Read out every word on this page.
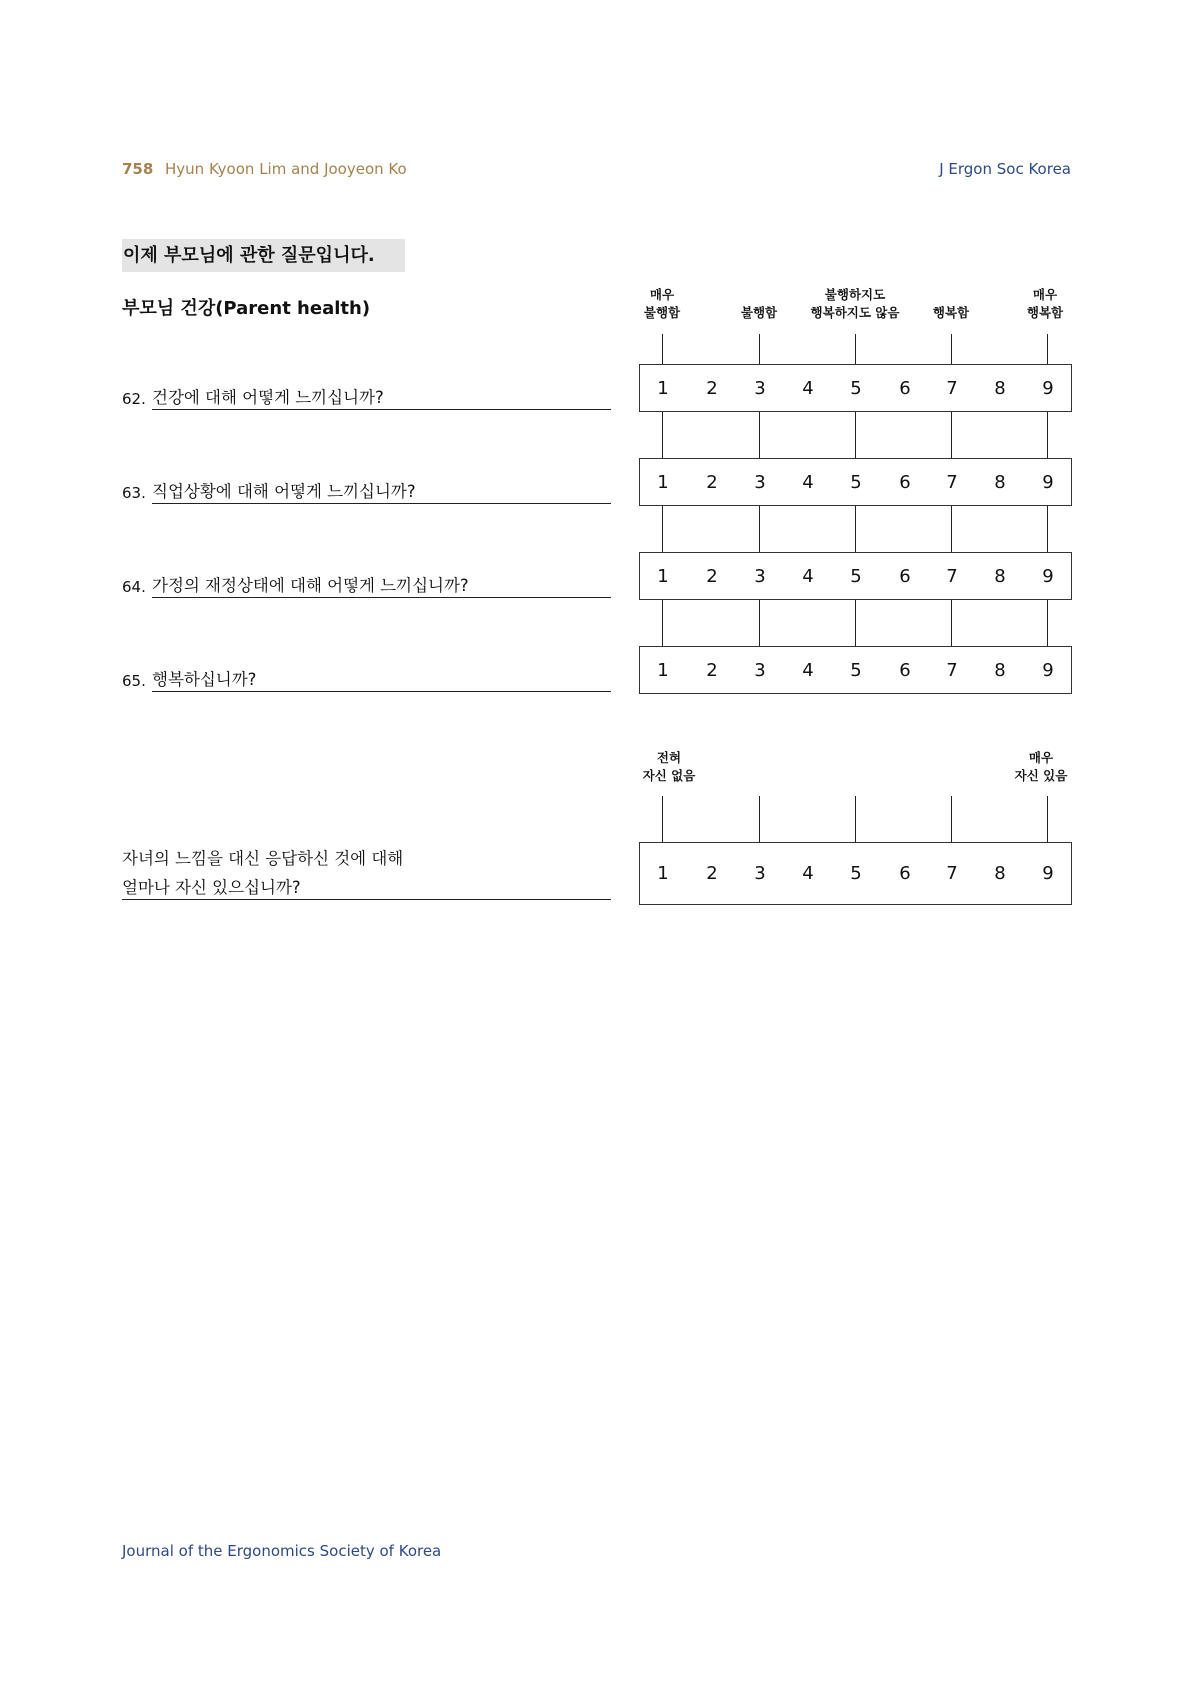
758 Hyun Kyoon Lim and Jooyeon Ko	J Ergon Soc Korea
이제 부모님에 관한 질문입니다.
부모님 건강(Parent health)
매우
불행함	불행함
불행하지도
행복하지도 않음	행복함
매우
행복함
62. 건강에 대해 어떻게 느끼십니까?	1	2	3	4	5	6	7	8	9
63. 직업상황에 대해 어떻게 느끼십니까?	1	2	3	4	5	6	7	8	9
64. 가정의 재정상태에 대해 어떻게 느끼십니까?	1	2	3	4	5	6	7	8	9
65. 행복하십니까?	1	2	3	4	5	6	7	8	9
전혀
자신 없음
매우
자신 있음
자녀의 느낌을 대신 응답하신 것에 대해
얼마나 자신 있으십니까?
1	2	3	4	5	6	7	8	9
Journal of the Ergonomics Society of Korea
